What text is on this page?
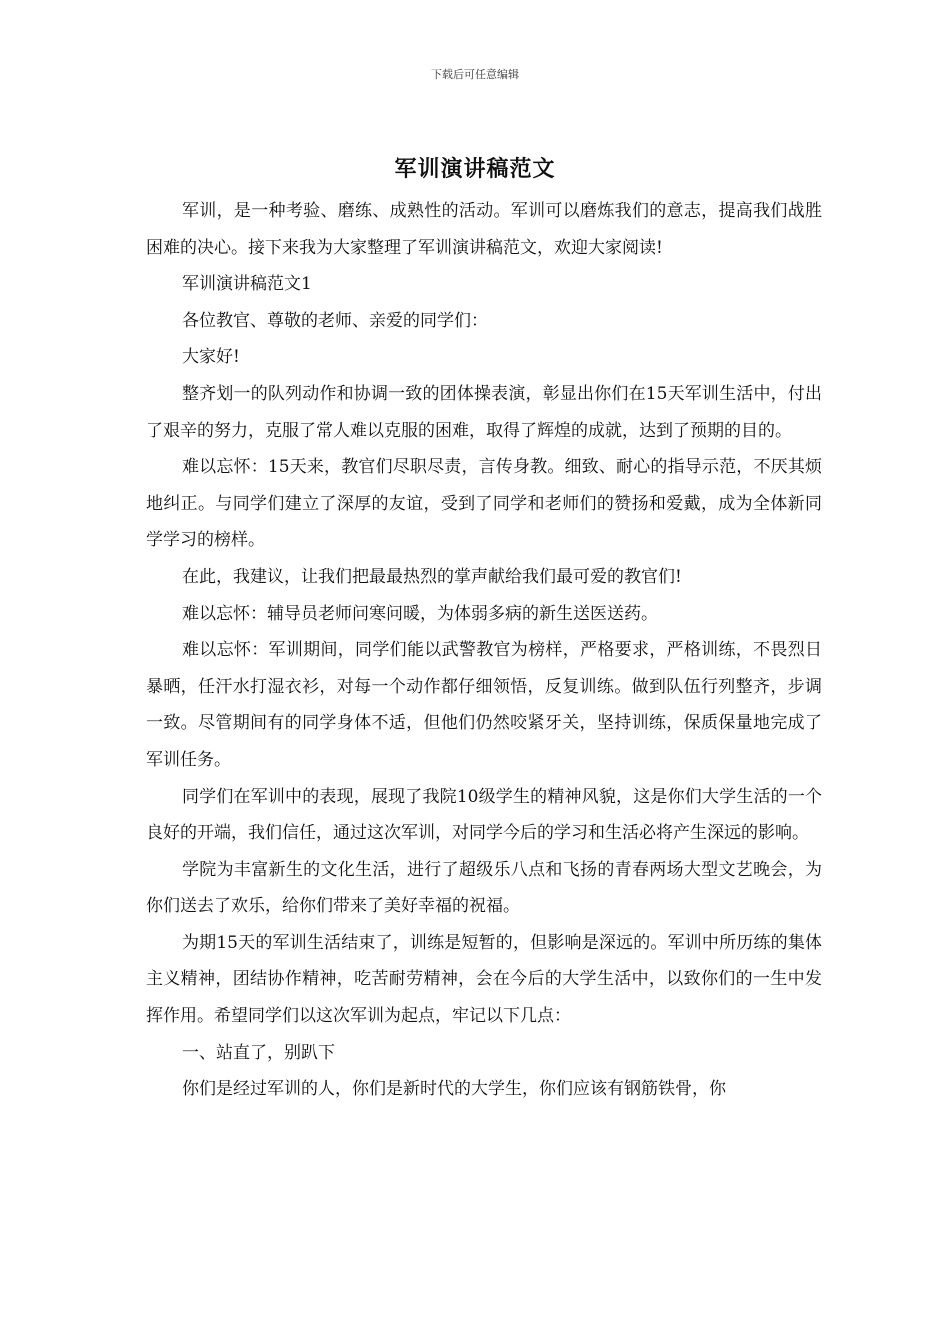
下载后可任意编辑
军训演讲稿范文

军训，是一种考验、磨练、成熟性的活动。军训可以磨炼我们的意志，提高我们战胜困难的决心。接下来我为大家整理了军训演讲稿范文，欢迎大家阅读!

军训演讲稿范文1

各位教官、尊敬的老师、亲爱的同学们：

大家好!

整齐划一的队列动作和协调一致的团体操表演，彰显出你们在15天军训生活中，付出了艰辛的努力，克服了常人难以克服的困难，取得了辉煌的成就，达到了预期的目的。

难以忘怀：15天来，教官们尽职尽责，言传身教。细致、耐心的指导示范，不厌其烦地纠正。与同学们建立了深厚的友谊，受到了同学和老师们的赞扬和爱戴，成为全体新同学学习的榜样。

在此，我建议，让我们把最最热烈的掌声献给我们最可爱的教官们!

难以忘怀：辅导员老师问寒问暖，为体弱多病的新生送医送药。

难以忘怀：军训期间，同学们能以武警教官为榜样，严格要求，严格训练，不畏烈日暴晒，任汗水打湿衣衫，对每一个动作都仔细领悟，反复训练。做到队伍行列整齐，步调一致。尽管期间有的同学身体不适，但他们仍然咬紧牙关，坚持训练，保质保量地完成了军训任务。

同学们在军训中的表现，展现了我院10级学生的精神风貌，这是你们大学生活的一个良好的开端，我们信任，通过这次军训，对同学今后的学习和生活必将产生深远的影响。

学院为丰富新生的文化生活，进行了超级乐八点和飞扬的青春两场大型文艺晚会，为你们送去了欢乐，给你们带来了美好幸福的祝福。

为期15天的军训生活结束了，训练是短暂的，但影响是深远的。军训中所历练的集体主义精神，团结协作精神，吃苦耐劳精神，会在今后的大学生活中，以致你们的一生中发挥作用。希望同学们以这次军训为起点，牢记以下几点：

一、站直了，别趴下

你们是经过军训的人，你们是新时代的大学生，你们应该有钢筋铁骨，你
